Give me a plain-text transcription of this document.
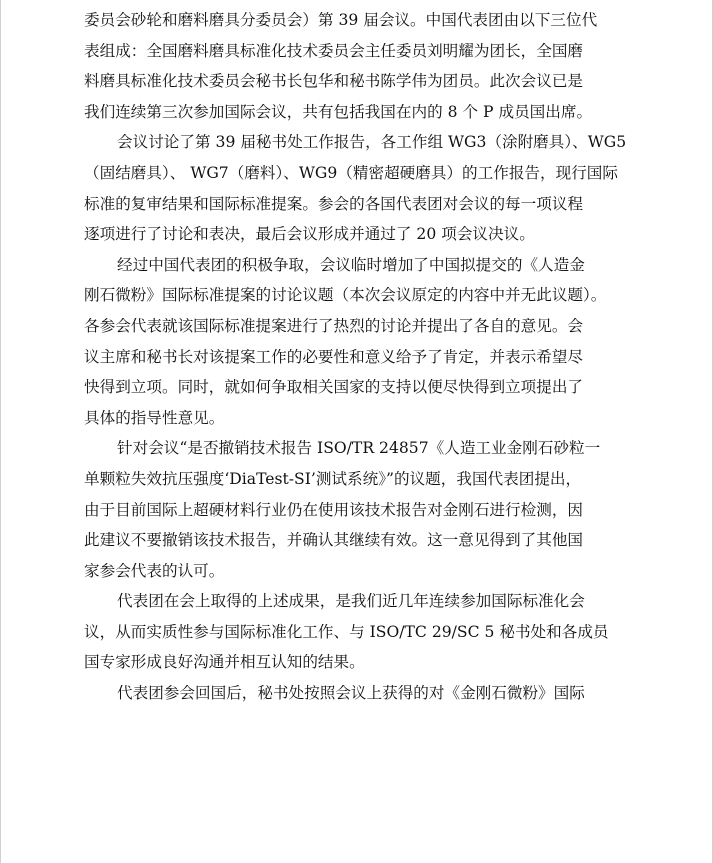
委员会砂轮和磨料磨具分委员会）第 39 届会议。中国代表团由以下三位代
表组成：全国磨料磨具标准化技术委员会主任委员刘明耀为团长，全国磨
料磨具标准化技术委员会秘书长包华和秘书陈学伟为团员。此次会议已是
我们连续第三次参加国际会议，共有包括我国在内的 8 个 P 成员国出席。

会议讨论了第 39 届秘书处工作报告，各工作组 WG3（涂附磨具）、WG5
（固结磨具）、 WG7（磨料）、WG9（精密超硬磨具）的工作报告，现行国际
标准的复审结果和国际标准提案。参会的各国代表团对会议的每一项议程
逐项进行了讨论和表决，最后会议形成并通过了 20 项会议决议。

经过中国代表团的积极争取，会议临时增加了中国拟提交的《人造金
刚石微粉》国际标准提案的讨论议题（本次会议原定的内容中并无此议题）。
各参会代表就该国际标准提案进行了热烈的讨论并提出了各自的意见。会
议主席和秘书长对该提案工作的必要性和意义给予了肯定，并表示希望尽
快得到立项。同时，就如何争取相关国家的支持以便尽快得到立项提出了
具体的指导性意见。

针对会议“是否撤销技术报告 ISO/TR 24857《人造工业金刚石砂粒一
单颗粒失效抗压强度‘DiaTest-SI’测试系统》”的议题，我国代表团提出，
由于目前国际上超硬材料行业仍在使用该技术报告对金刚石进行检测，因
此建议不要撤销该技术报告，并确认其继续有效。这一意见得到了其他国
家参会代表的认可。

代表团在会上取得的上述成果，是我们近几年连续参加国际标准化会
议，从而实质性参与国际标准化工作、与 ISO/TC 29/SC 5 秘书处和各成员
国专家形成良好沟通并相互认知的结果。

代表团参会回国后，秘书处按照会议上获得的对《金刚石微粉》国际
